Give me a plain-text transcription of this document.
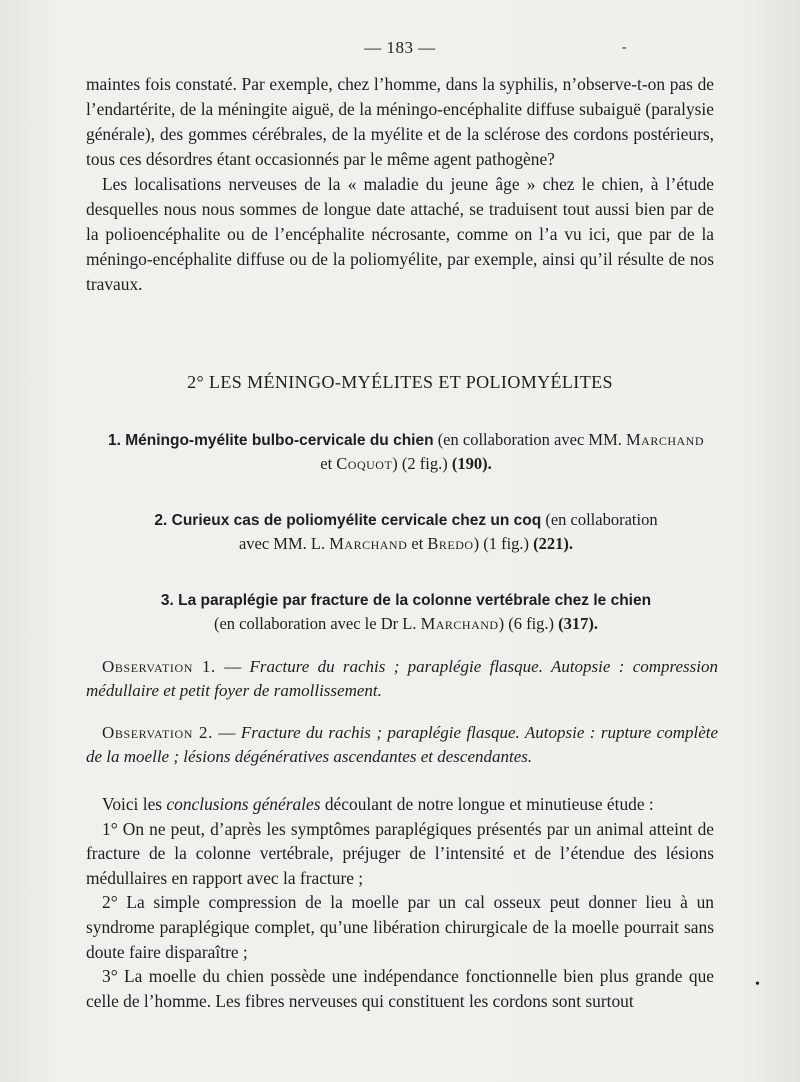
— 183 —	-

maintes fois constaté. Par exemple, chez l’homme, dans la syphilis, n’observe-t-on pas de l’endartérite, de la méningite aiguë, de la méningo-encéphalite diffuse subaiguë (paralysie générale), des gommes cérébrales, de la myélite et de la sclérose des cordons postérieurs, tous ces désordres étant occasionnés par le même agent pathogène?

Les localisations nerveuses de la « maladie du jeune âge » chez le chien, à l’étude desquelles nous nous sommes de longue date attaché, se traduisent tout aussi bien par de la polioencéphalite ou de l’encéphalite nécrosante, comme on l’a vu ici, que par de la méningo-encéphalite diffuse ou de la poliomyélite, par exemple, ainsi qu’il résulte de nos travaux.

2° LES MÉNINGO-MYÉLITES ET POLIOMYÉLITES
1. Méningo-myélite bulbo-cervicale du chien (en collaboration avec MM. Marchand
et Coquot) (2 fig.) (190).
2. Curieux cas de poliomyélite cervicale chez un coq (en collaboration
avec MM. L. Marchand et Bredo) (1 fig.) (221).
3. La paraplégie par fracture de la colonne vertébrale chez le chien
(en collaboration avec le Dr L. Marchand) (6 fig.) (317).
Observation 1. — Fracture du rachis ; paraplégie flasque. Autopsie : compression médullaire et petit foyer de ramollissement.
Observation 2. — Fracture du rachis ; paraplégie flasque. Autopsie : rupture complète de la moelle ; lésions dégénératives ascendantes et descendantes.

Voici les conclusions générales découlant de notre longue et minutieuse étude :

1° On ne peut, d’après les symptômes paraplégiques présentés par un animal atteint de fracture de la colonne vertébrale, préjuger de l’intensité et de l’étendue des lésions médullaires en rapport avec la fracture ;

2° La simple compression de la moelle par un cal osseux peut donner lieu à un syndrome paraplégique complet, qu’une libération chirurgicale de la moelle pourrait sans doute faire disparaître ;

3° La moelle du chien possède une indépendance fonctionnelle bien plus grande que celle de l’homme. Les fibres nerveuses qui constituent les cordons sont surtout

•
